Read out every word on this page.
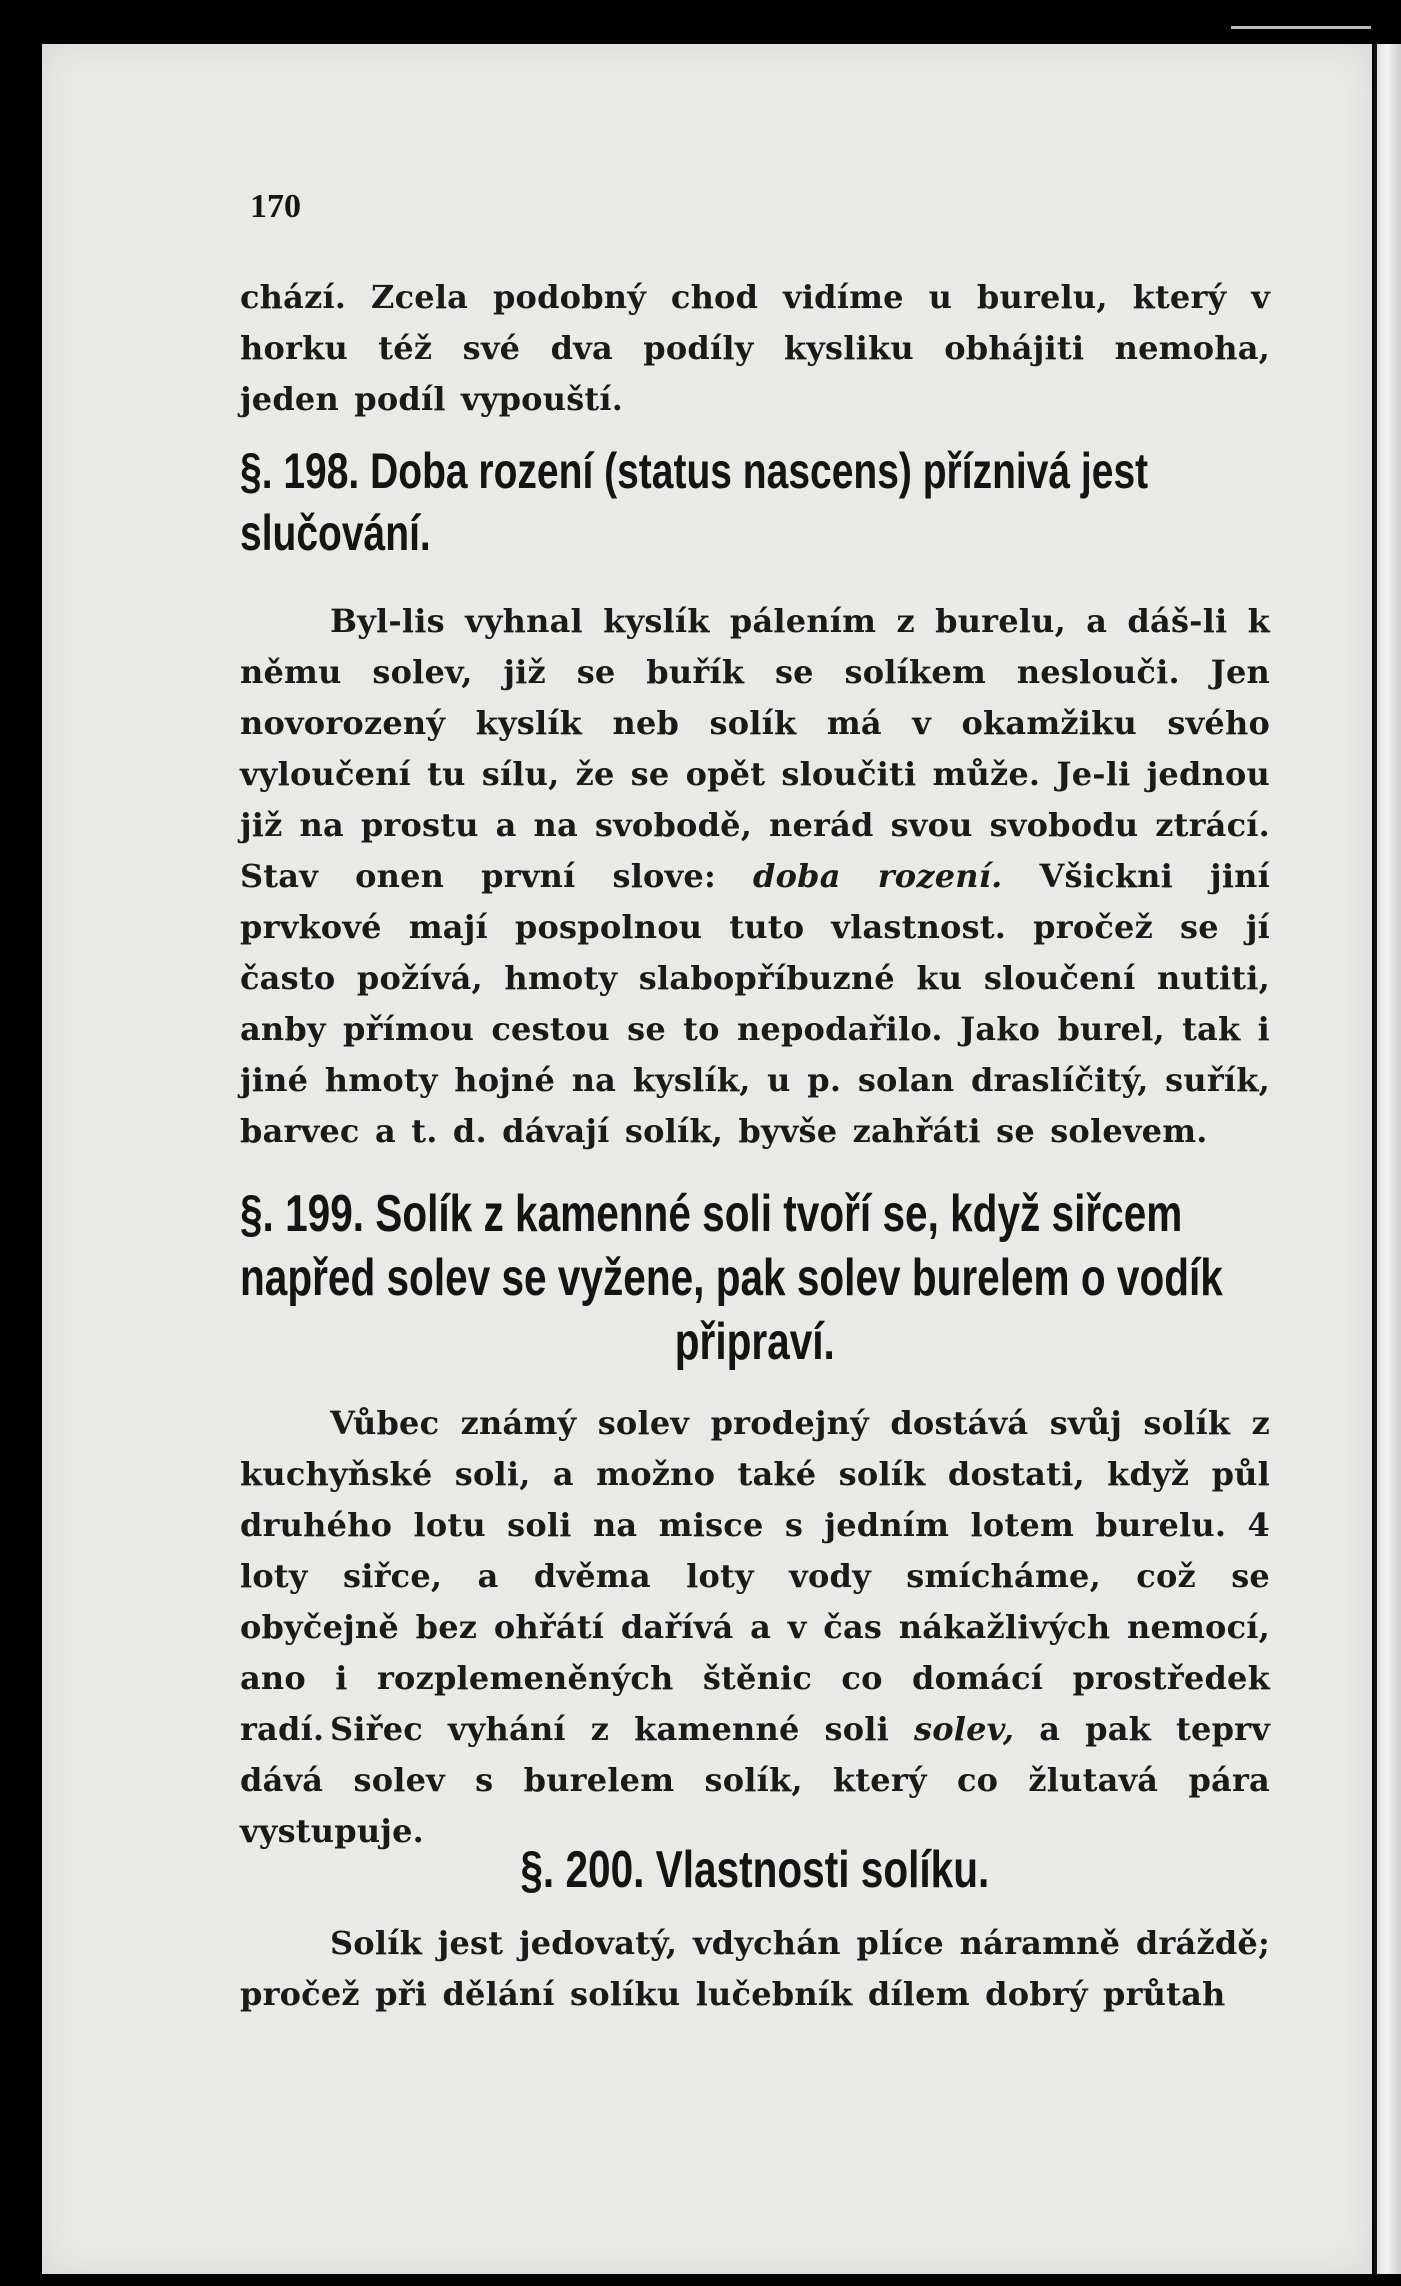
170
chází. Zcela podobný chod vidíme u burelu, který v horku též své dva podíly kysliku obhájiti nemoha, jeden podíl vypouští.
§. 198. Doba rození (status nascens) příznivá jest
slučování.
Byl-lis vyhnal kyslík pálením z burelu, a dáš-li k němu solev, již se buřík se solíkem neslouči. Jen novorozený kyslík neb solík má v okamžiku svého vyloučení tu sílu, že se opět sloučiti může. Je-li jednou již na prostu a na svobodě, nerád svou svobodu ztrácí. Stav onen první slove: doba rození. Všickni jiní prvkové mají pospolnou tuto vlastnost. pročež se jí často požívá, hmoty slabopříbuzné ku sloučení nutiti, anby přímou cestou se to nepodařilo. Jako burel, tak i jiné hmoty hojné na kyslík, u p. solan draslíčitý, suřík, barvec a t. d. dávají solík, byvše zahřáti se solevem.
§. 199. Solík z kamenné soli tvoří se, když siřcem
napřed solev se vyžene, pak solev burelem o vodík
připraví.
Vůbec známý solev prodejný dostává svůj solík z kuchyňské soli, a možno také solík dostati, když půl druhého lotu soli na misce s jedním lotem burelu. 4 loty siřce, a dvěma loty vody smícháme, což se obyčejně bez ohřátí dařívá a v čas nákažlivých nemocí, ano i rozplemeněných štěnic co domácí prostředek radí. Siřec vyhání z kamenné soli solev, a pak teprv dává solev s burelem solík, který co žlutavá pára vystupuje.
§. 200. Vlastnosti solíku.
Solík jest jedovatý, vdychán plíce náramně dráždě; pročež při dělání solíku lučebník dílem dobrý průtah
